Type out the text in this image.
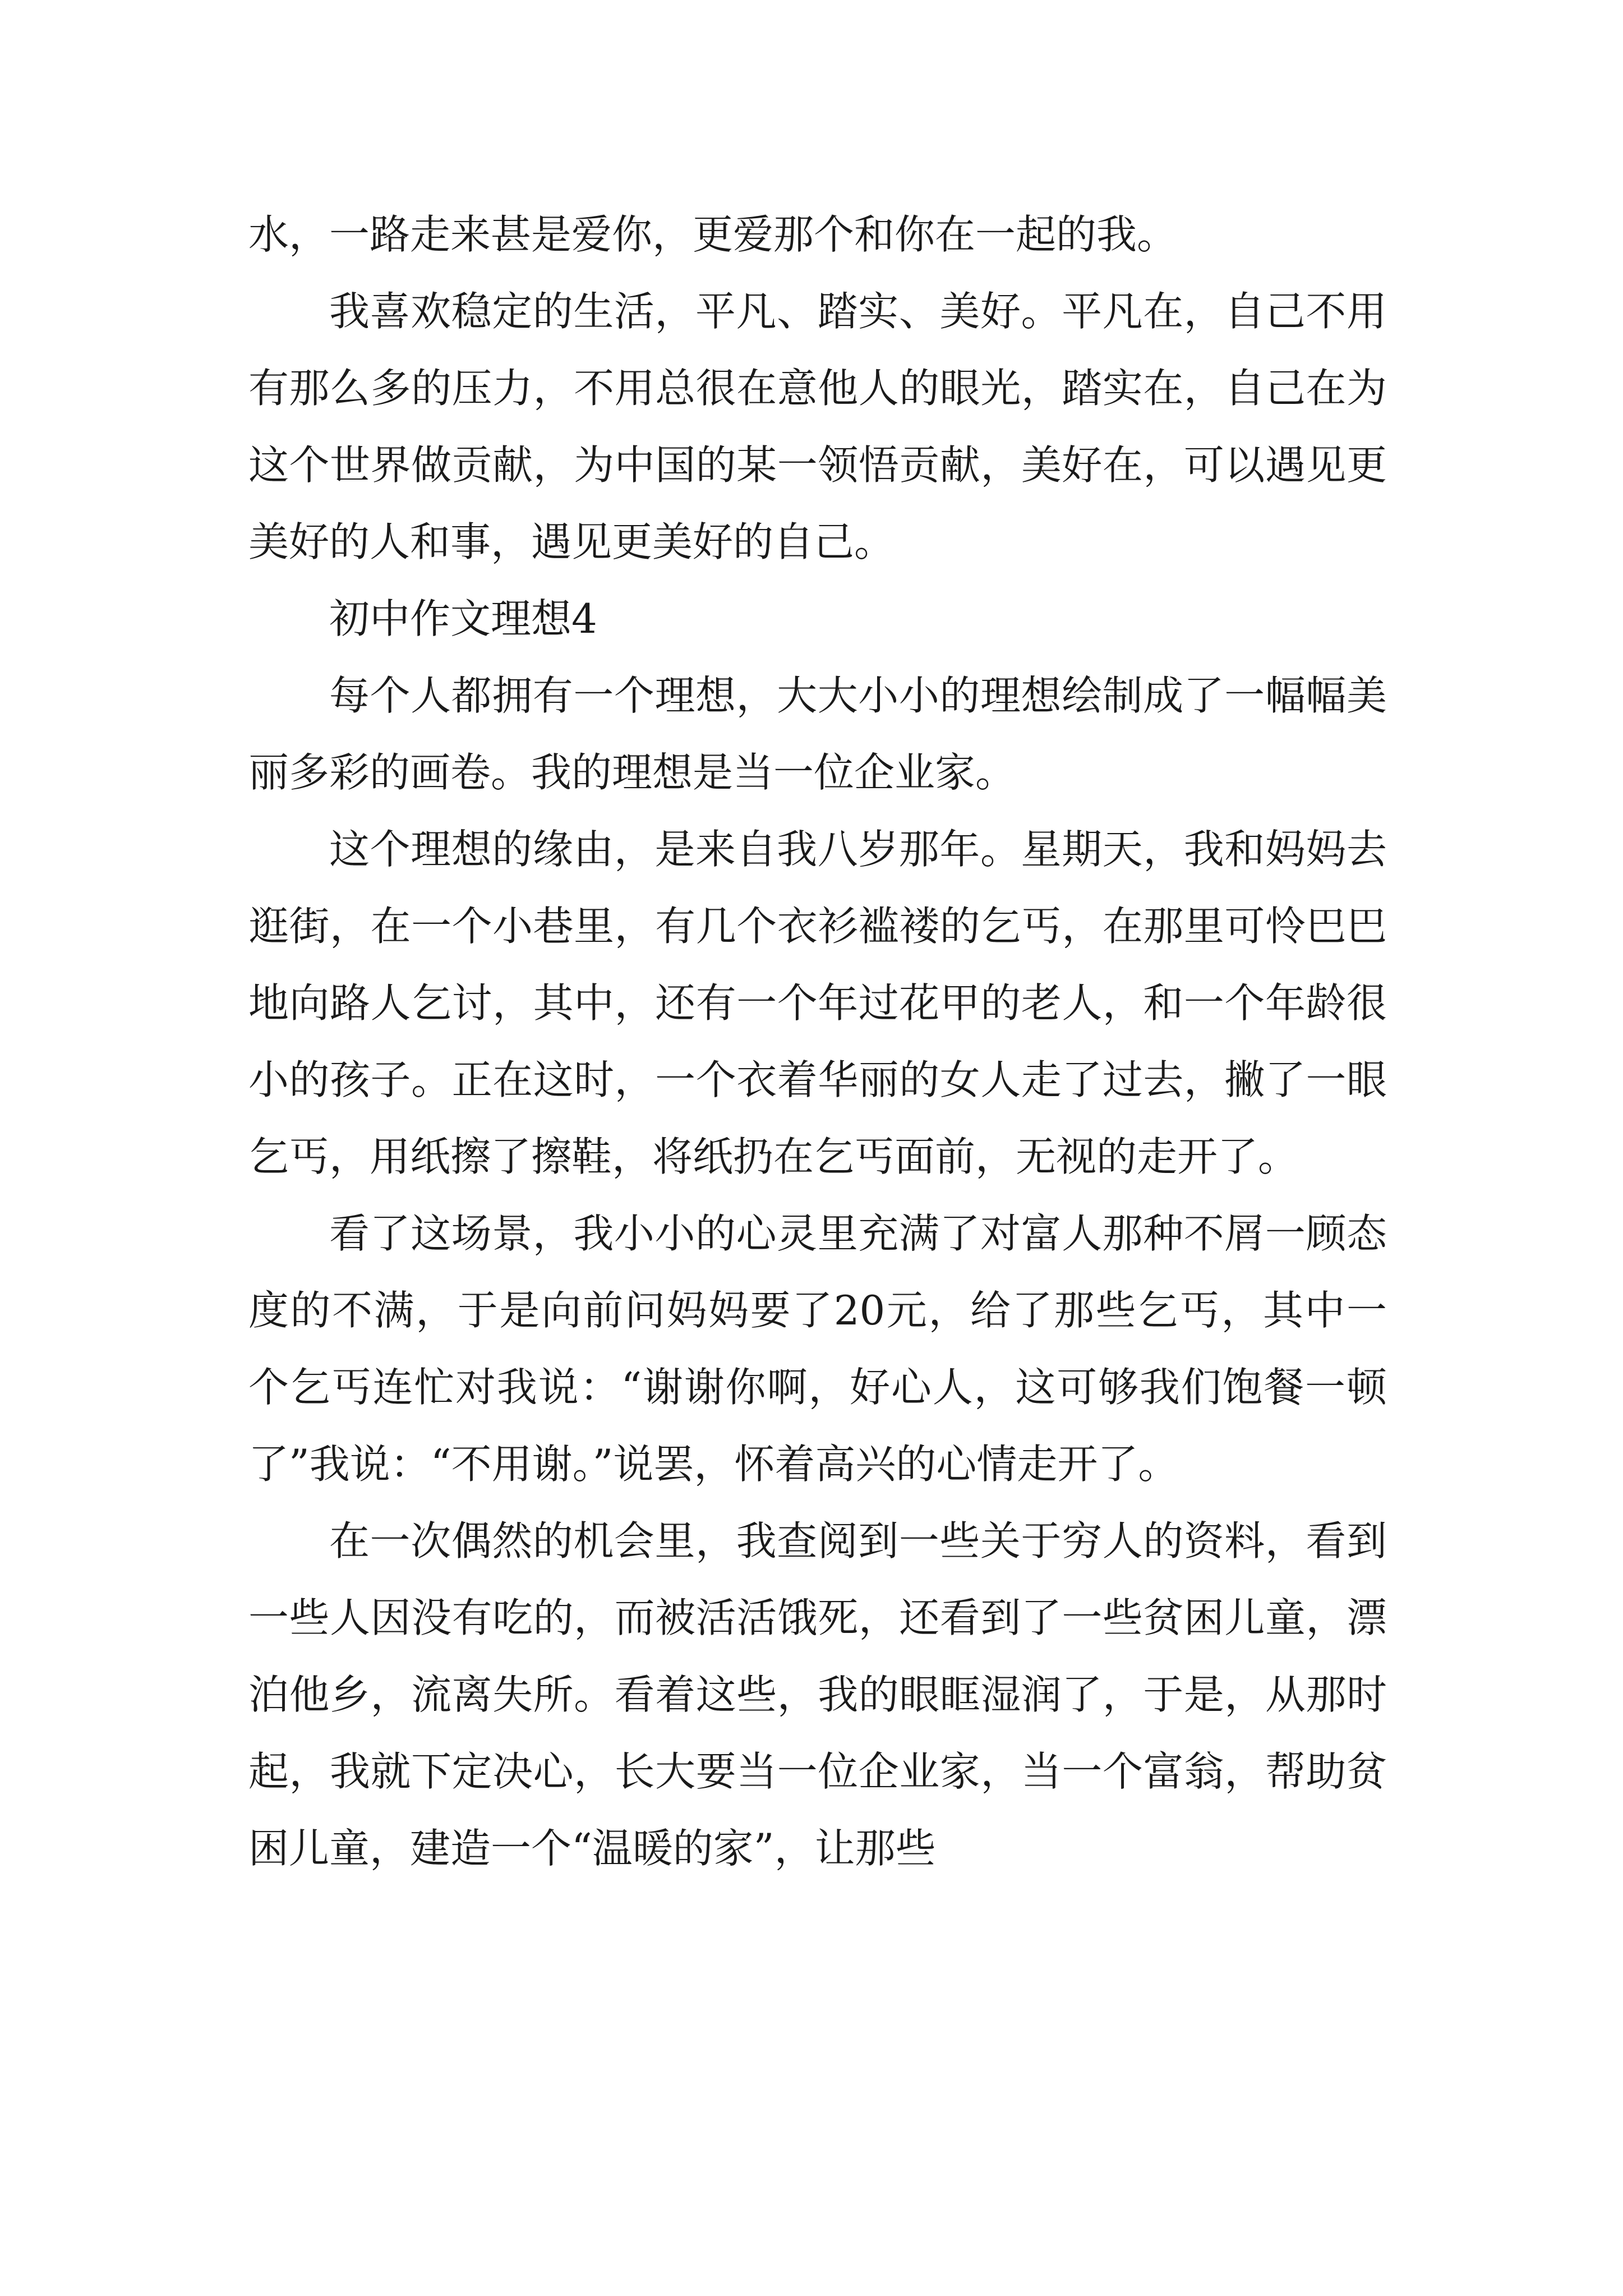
水，一路走来甚是爱你，更爱那个和你在一起的我。

我喜欢稳定的生活，平凡、踏实、美好。平凡在，自己不用有那么多的压力，不用总很在意他人的眼光，踏实在，自己在为这个世界做贡献，为中国的某一领悟贡献，美好在，可以遇见更美好的人和事，遇见更美好的自己。

初中作文理想4

每个人都拥有一个理想，大大小小的理想绘制成了一幅幅美丽多彩的画卷。我的理想是当一位企业家。

这个理想的缘由，是来自我八岁那年。星期天，我和妈妈去逛街，在一个小巷里，有几个衣衫褴褛的乞丐，在那里可怜巴巴地向路人乞讨，其中，还有一个年过花甲的老人，和一个年龄很小的孩子。正在这时，一个衣着华丽的女人走了过去，撇了一眼乞丐，用纸擦了擦鞋，将纸扔在乞丐面前，无视的走开了。

看了这场景，我小小的心灵里充满了对富人那种不屑一顾态度的不满，于是向前问妈妈要了20元，给了那些乞丐，其中一个乞丐连忙对我说：“谢谢你啊，好心人，这可够我们饱餐一顿了”我说：“不用谢。”说罢，怀着高兴的心情走开了。

在一次偶然的机会里，我查阅到一些关于穷人的资料，看到一些人因没有吃的，而被活活饿死，还看到了一些贫困儿童，漂泊他乡，流离失所。看着这些，我的眼眶湿润了，于是，从那时起，我就下定决心，长大要当一位企业家，当一个富翁，帮助贫困儿童，建造一个“温暖的家”，让那些
